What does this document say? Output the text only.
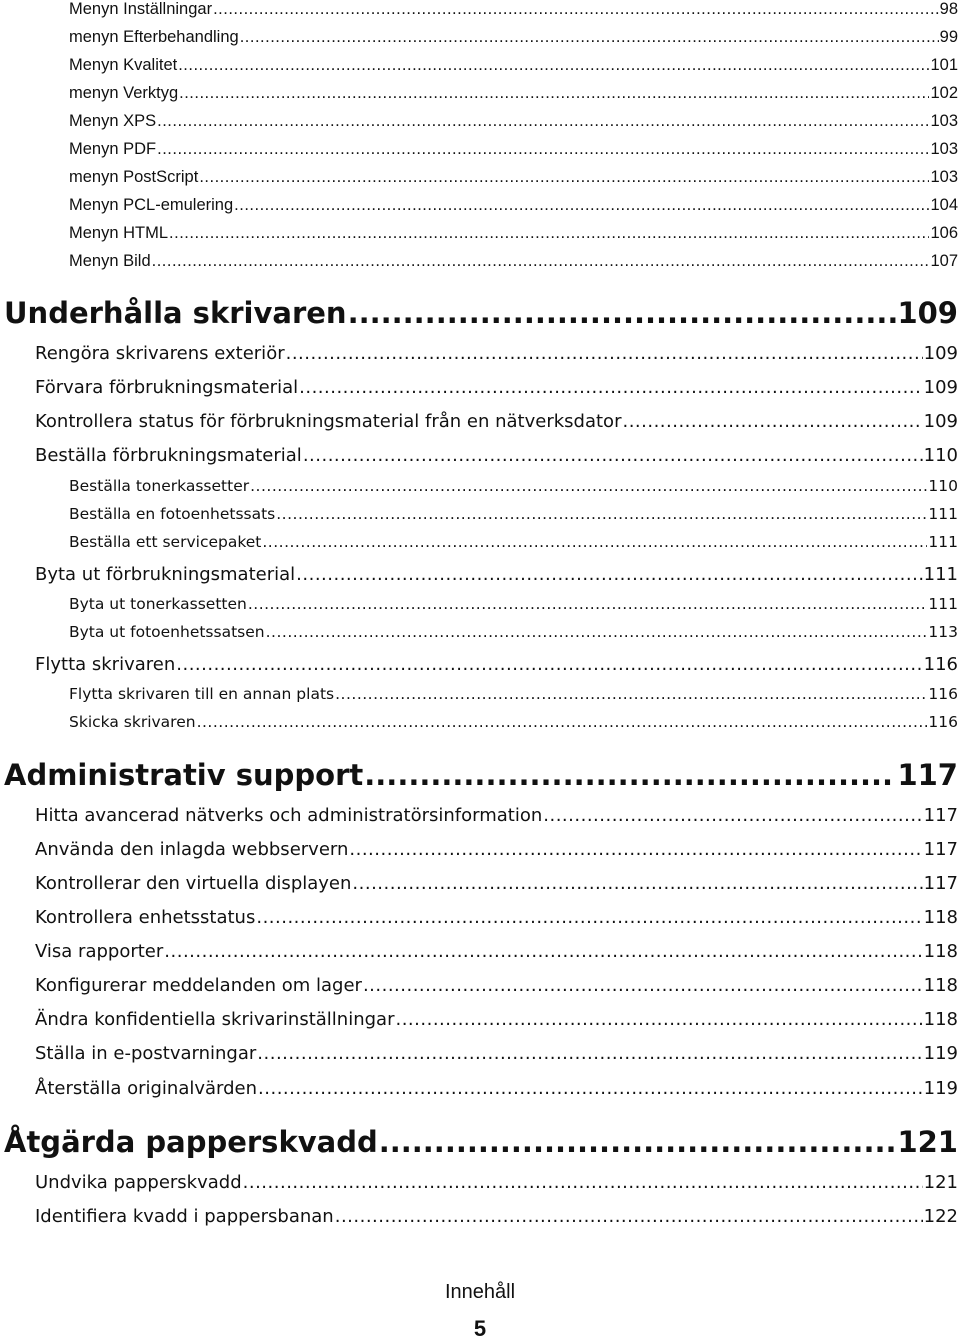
Menyn Inställningar .....	98
menyn Efterbehandling .....	99
Menyn Kvalitet .....	101
menyn Verktyg .....	102
Menyn XPS .....	103
Menyn PDF .....	103
menyn PostScript .....	103
Menyn PCL-emulering .....	104
Menyn HTML .....	106
Menyn Bild .....	107
Underhålla skrivaren .....	109
Rengöra skrivarens exteriör .....	109
Förvara förbrukningsmaterial .....	109
Kontrollera status för förbrukningsmaterial från en nätverksdator .....	109
Beställa förbrukningsmaterial .....	110
Beställa tonerkassetter .....	110
Beställa en fotoenhetssats .....	111
Beställa ett servicepaket .....	111
Byta ut förbrukningsmaterial .....	111
Byta ut tonerkassetten .....	111
Byta ut fotoenhetssatsen .....	113
Flytta skrivaren .....	116
Flytta skrivaren till en annan plats .....	116
Skicka skrivaren .....	116
Administrativ support .....	117
Hitta avancerad nätverks och administratörsinformation .....	117
Använda den inlagda webbservern .....	117
Kontrollerar den virtuella displayen .....	117
Kontrollera enhetsstatus .....	118
Visa rapporter .....	118
Konfigurerar meddelanden om lager .....	118
Ändra konfidentiella skrivarinställningar .....	118
Ställa in e-postvarningar .....	119
Återställa originalvärden .....	119
Åtgärda papperskvadd .....	121
Undvika papperskvadd .....	121
Identifiera kvadd i pappersbanan .....	122
Innehåll
5
